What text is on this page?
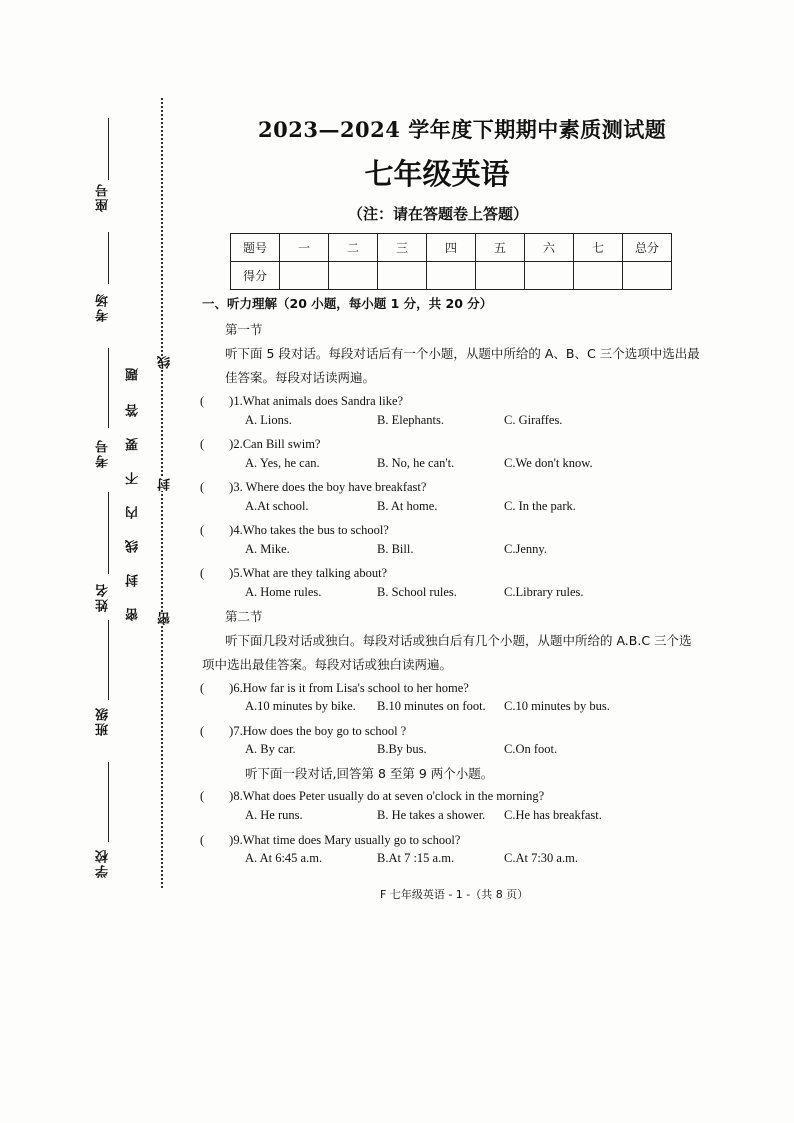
座号
考场
考号
姓名
班级
学校
题
答
要
不
内
线
封
密
线
封
密
2023—2024 学年度下期期中素质测试题
七年级英语
（注：请在答题卷上答题）
题号	一	二	三	四	五	六	七	总分
得分								
一、听力理解（20 小题，每小题 1 分，共 20 分）
第一节
听下面 5 段对话。每段对话后有一个小题，从题中所给的 A、B、C 三个选项中选出最
佳答案。每段对话读两遍。
(　　)1.What animals does Sandra like?
A. Lions.	B. Elephants.	C. Giraffes.
(　　)2.Can Bill swim?
A. Yes, he can.	B. No, he can't.	C.We don't know.
(　　)3. Where does the boy have breakfast?
A.At school.	B. At home.	C. In the park.
(　　)4.Who takes the bus to school?
A. Mike.	B. Bill.	C.Jenny.
(　　)5.What are they talking about?
A. Home rules.	B. School rules.	C.Library rules.
第二节
听下面几段对话或独白。每段对话或独白后有几个小题，从题中所给的 A.B.C 三个选
项中选出最佳答案。每段对话或独白读两遍。
(　　)6.How far is it from Lisa's school to her home?
A.10 minutes by bike. B.10 minutes on foot. C.10 minutes by bus.
(　　)7.How does the boy go to school ?
A. By car.	B.By bus.	C.On foot.
听下面一段对话,回答第 8 至第 9 两个小题。
(　　)8.What does Peter usually do at seven o'clock in the morning?
A. He runs.	B. He takes a shower. C.He has breakfast.
(　　)9.What time does Mary usually go to school?
A. At 6:45 a.m.	B.At 7 :15 a.m.	C.At 7:30 a.m.
F 七年级英语 - 1 -（共 8 页）
